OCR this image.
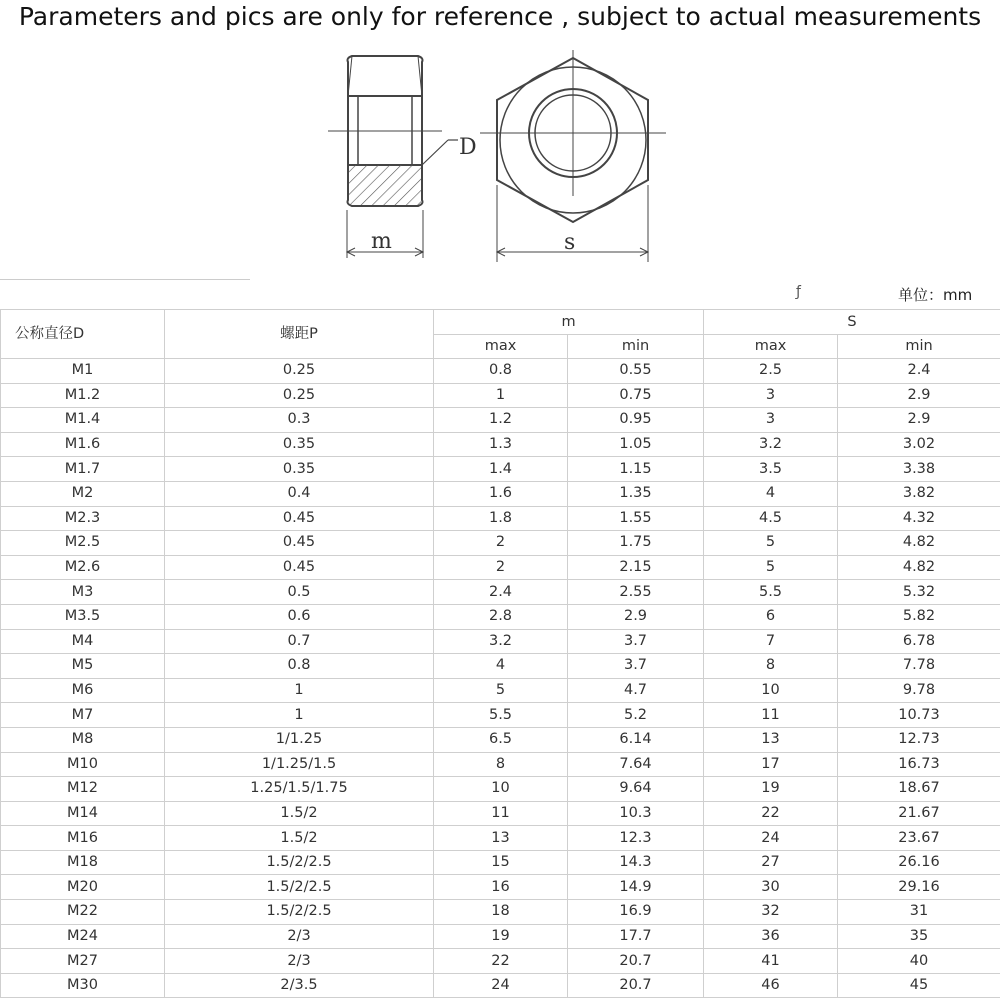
Parameters and pics are only for reference , subject to actual measurements
D
m	s
ƒ	单位：mm
公称直径D	螺距P	m		S	
		max	min	max	min
M1	0.25	0.8	0.55	2.5	2.4
M1.2	0.25	1	0.75	3	2.9
M1.4	0.3	1.2	0.95	3	2.9
M1.6	0.35	1.3	1.05	3.2	3.02
M1.7	0.35	1.4	1.15	3.5	3.38
M2	0.4	1.6	1.35	4	3.82
M2.3	0.45	1.8	1.55	4.5	4.32
M2.5	0.45	2	1.75	5	4.82
M2.6	0.45	2	2.15	5	4.82
M3	0.5	2.4	2.55	5.5	5.32
M3.5	0.6	2.8	2.9	6	5.82
M4	0.7	3.2	3.7	7	6.78
M5	0.8	4	3.7	8	7.78
M6	1	5	4.7	10	9.78
M7	1	5.5	5.2	11	10.73
M8	1/1.25	6.5	6.14	13	12.73
M10	1/1.25/1.5	8	7.64	17	16.73
M12	1.25/1.5/1.75	10	9.64	19	18.67
M14	1.5/2	11	10.3	22	21.67
M16	1.5/2	13	12.3	24	23.67
M18	1.5/2/2.5	15	14.3	27	26.16
M20	1.5/2/2.5	16	14.9	30	29.16
M22	1.5/2/2.5	18	16.9	32	31
M24	2/3	19	17.7	36	35
M27	2/3	22	20.7	41	40
M30	2/3.5	24	20.7	46	45
